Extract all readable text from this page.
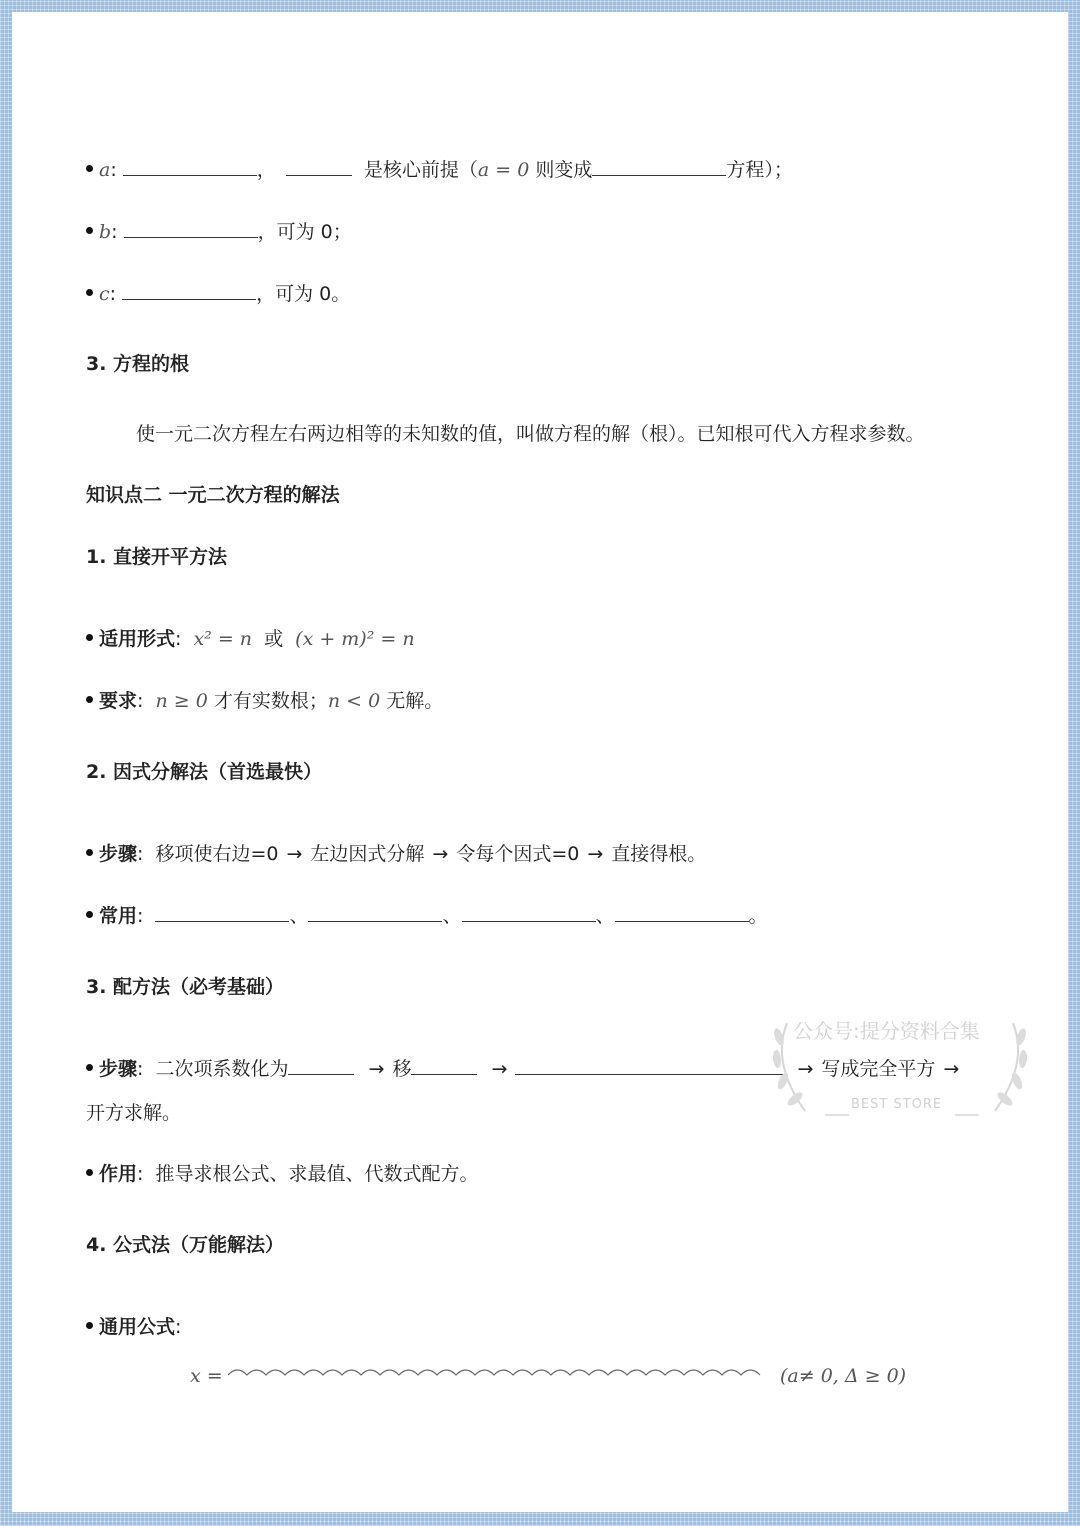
a:	，	是核心前提（a = 0 则变成	方程）；
b:	，可为 0；
c:	，可为 0。
3. 方程的根
使一元二次方程左右两边相等的未知数的值，叫做方程的解（根）。已知根可代入方程求参数。
知识点二 一元二次方程的解法
1. 直接开平方法
适用形式: x² = n 或 (x + m)² = n
要求: n ≥ 0 才有实数根；n < 0 无解。
2. 因式分解法（首选最快）
步骤: 移项使右边=0 → 左边因式分解 → 令每个因式=0 → 直接得根。
常用:	、	、	、	。
3. 配方法（必考基础）
步骤: 二次项系数化为	→ 移	→	→ 写成完全平方 →
开方求解。
作用: 推导求根公式、求最值、代数式配方。
4. 公式法（万能解法）
通用公式:
x =	(a≠ 0, Δ ≥ 0)
公众号:提分资料合集
BEST STORE
